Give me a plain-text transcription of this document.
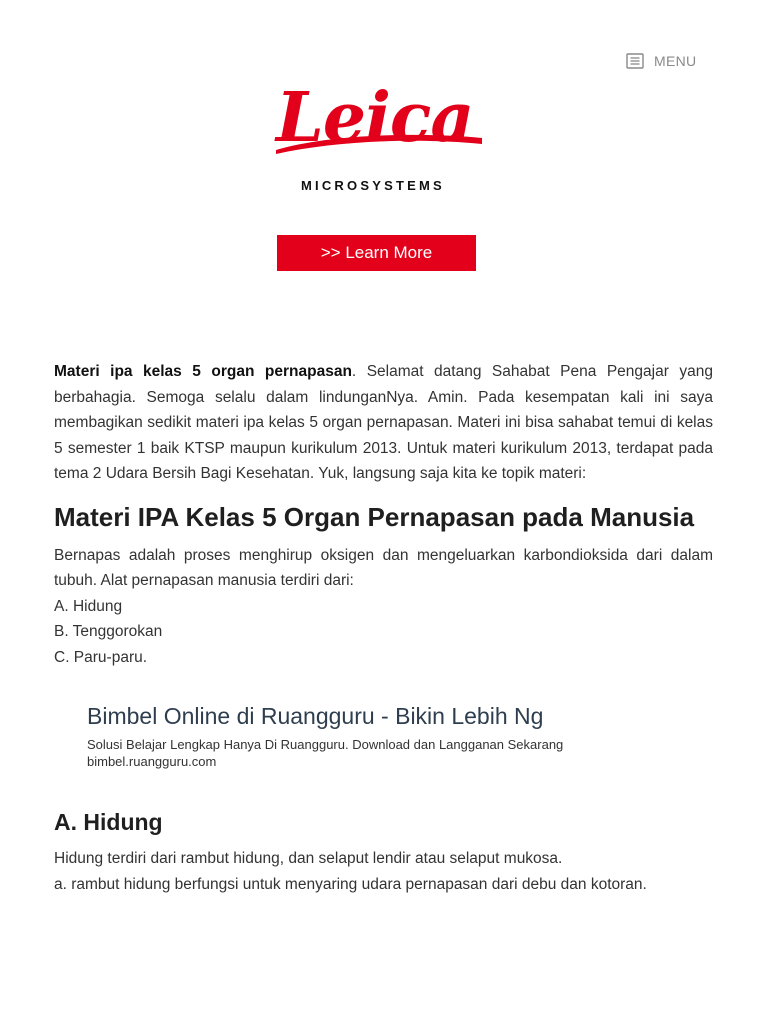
MENU
Leica
MICROSYSTEMS
>> Learn More

Materi ipa kelas 5 organ pernapasan. Selamat datang Sahabat Pena Pengajar yang berbahagia. Semoga selalu dalam lindunganNya. Amin. Pada kesempatan kali ini saya membagikan sedikit materi ipa kelas 5 organ pernapasan. Materi ini bisa sahabat temui di kelas 5 semester 1 baik KTSP maupun kurikulum 2013. Untuk materi kurikulum 2013, terdapat pada tema 2 Udara Bersih Bagi Kesehatan. Yuk, langsung saja kita ke topik materi:

Materi IPA Kelas 5 Organ Pernapasan pada Manusia

Bernapas adalah proses menghirup oksigen dan mengeluarkan karbondioksida dari dalam tubuh. Alat pernapasan manusia terdiri dari:

A. Hidung
B. Tenggorokan
C. Paru-paru.
Bimbel Online di Ruangguru - Bikin Lebih Ng
Solusi Belajar Lengkap Hanya Di Ruangguru. Download dan Langganan Sekarang
bimbel.ruangguru.com
A. Hidung
Hidung terdiri dari rambut hidung, dan selaput lendir atau selaput mukosa.
a. rambut hidung berfungsi untuk menyaring udara pernapasan dari debu dan kotoran.
